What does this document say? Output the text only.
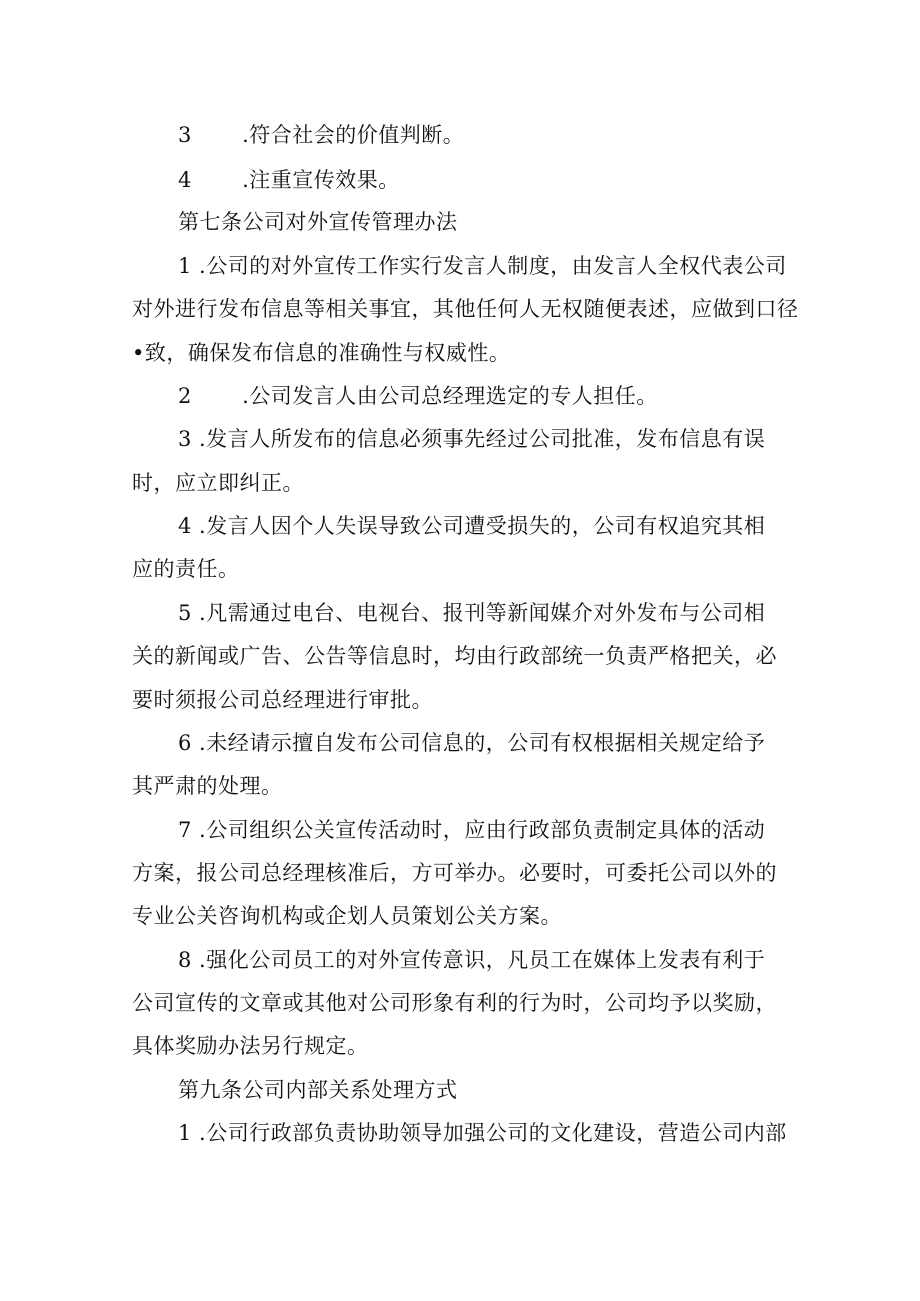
3       .符合社会的价值判断。
4       .注重宣传效果。
第七条公司对外宣传管理办法
1 .公司的对外宣传工作实行发言人制度，由发言人全权代表公司
对外进行发布信息等相关事宜，其他任何人无权随便表述，应做到口径
•致，确保发布信息的准确性与权威性。
2       .公司发言人由公司总经理选定的专人担任。
3 .发言人所发布的信息必须事先经过公司批准，发布信息有误
时，应立即纠正。
4 .发言人因个人失误导致公司遭受损失的，公司有权追究其相
应的责任。
5 .凡需通过电台、电视台、报刊等新闻媒介对外发布与公司相
关的新闻或广告、公告等信息时，均由行政部统一负责严格把关，必
要时须报公司总经理进行审批。
6 .未经请示擅自发布公司信息的，公司有权根据相关规定给予
其严肃的处理。
7 .公司组织公关宣传活动时，应由行政部负责制定具体的活动
方案，报公司总经理核准后，方可举办。必要时，可委托公司以外的
专业公关咨询机构或企划人员策划公关方案。
8 .强化公司员工的对外宣传意识，凡员工在媒体上发表有利于
公司宣传的文章或其他对公司形象有利的行为时，公司均予以奖励，
具体奖励办法另行规定。
第九条公司内部关系处理方式
1 .公司行政部负责协助领导加强公司的文化建设，营造公司内部
